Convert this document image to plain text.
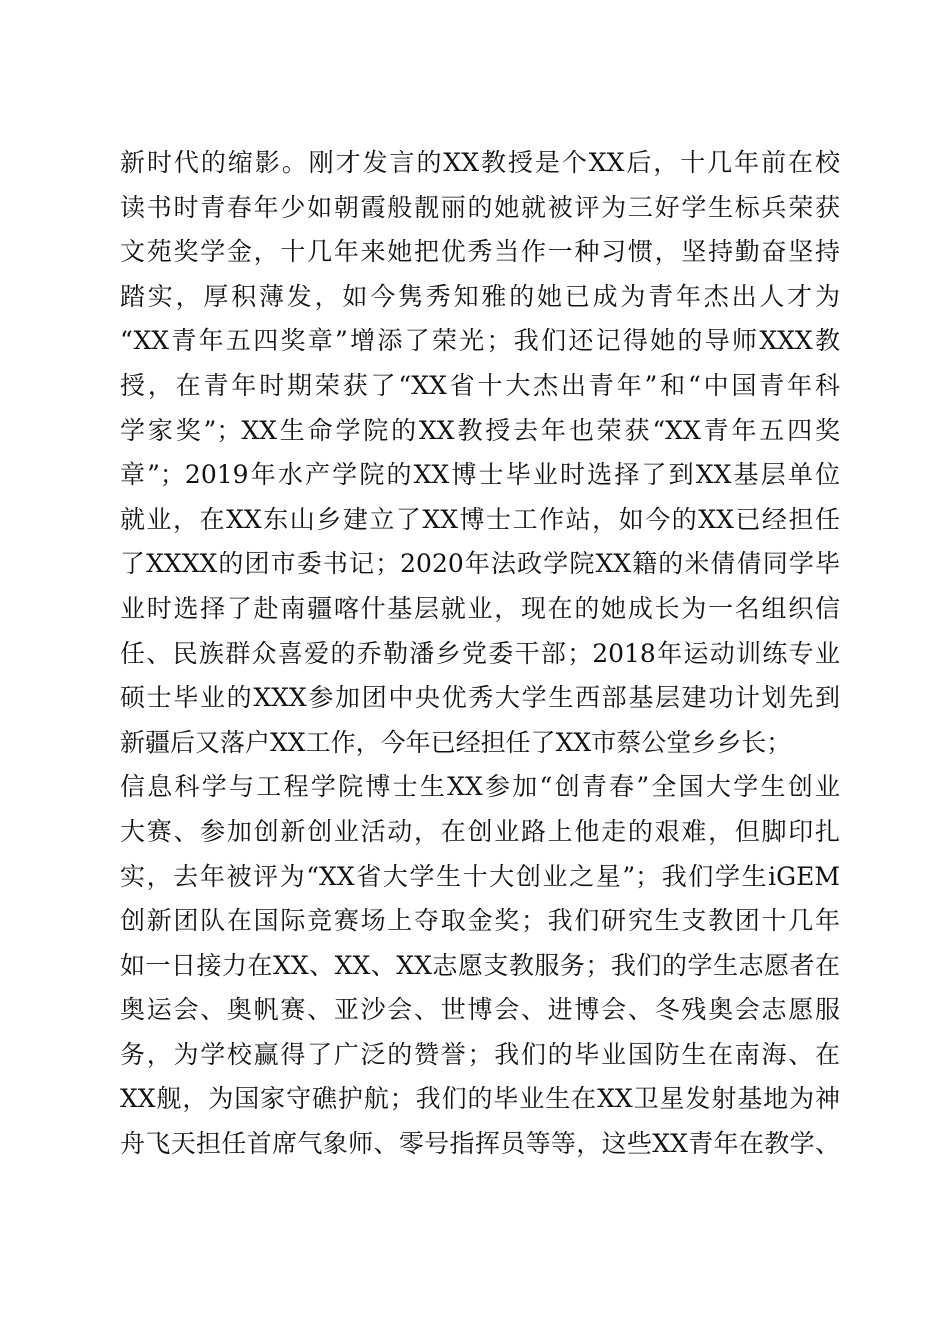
新时代的缩影。刚才发言的XX教授是个XX后，十几年前在校
读书时青春年少如朝霞般靓丽的她就被评为三好学生标兵荣获
文苑奖学金，十几年来她把优秀当作一种习惯，坚持勤奋坚持
踏实，厚积薄发，如今隽秀知雅的她已成为青年杰出人才为
“XX青年五四奖章”增添了荣光；我们还记得她的导师XXX教
授，在青年时期荣获了“XX省十大杰出青年”和“中国青年科
学家奖”；XX生命学院的XX教授去年也荣获“XX青年五四奖
章”；2019年水产学院的XX博士毕业时选择了到XX基层单位
就业，在XX东山乡建立了XX博士工作站，如今的XX已经担任
了XXXX的团市委书记；2020年法政学院XX籍的米倩倩同学毕
业时选择了赴南疆喀什基层就业，现在的她成长为一名组织信
任、民族群众喜爱的乔勒潘乡党委干部；2018年运动训练专业
硕士毕业的XXX参加团中央优秀大学生西部基层建功计划先到
新疆后又落户XX工作，今年已经担任了XX市蔡公堂乡乡长；
信息科学与工程学院博士生XX参加“创青春”全国大学生创业
大赛、参加创新创业活动，在创业路上他走的艰难，但脚印扎
实，去年被评为“XX省大学生十大创业之星”；我们学生iGEM
创新团队在国际竞赛场上夺取金奖；我们研究生支教团十几年
如一日接力在XX、XX、XX志愿支教服务；我们的学生志愿者在
奥运会、奥帆赛、亚沙会、世博会、进博会、冬残奥会志愿服
务，为学校赢得了广泛的赞誉；我们的毕业国防生在南海、在
XX舰，为国家守礁护航；我们的毕业生在XX卫星发射基地为神
舟飞天担任首席气象师、零号指挥员等等，这些XX青年在教学、
